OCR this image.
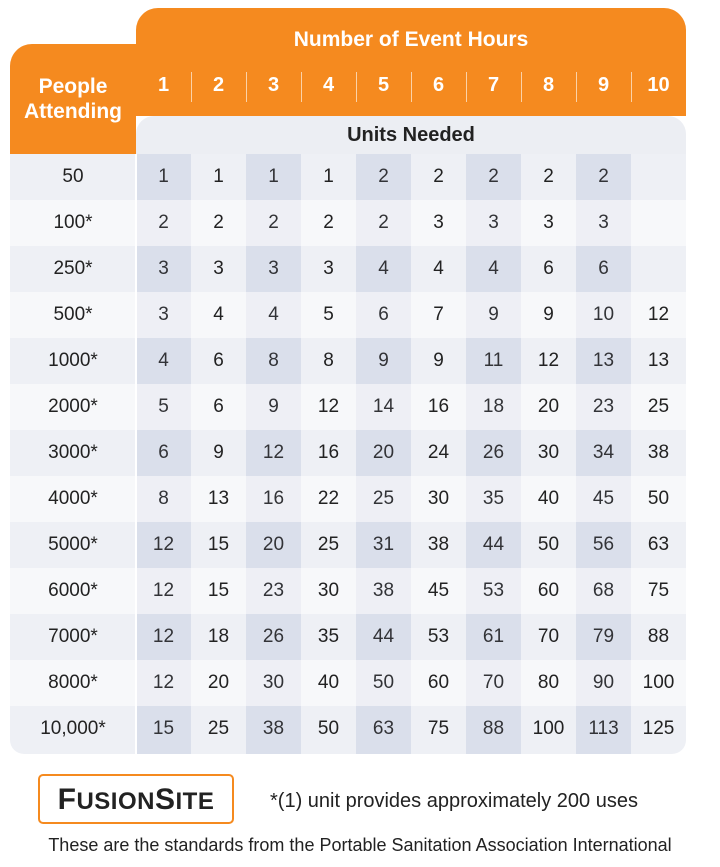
Number of Event Hours
People
Attending
1	2	3	4	5	6	7	8	9	10
Units Needed
50	1	1	1	1	2	2	2	2	2
100*	2	2	2	2	2	3	3	3	3
250*	3	3	3	3	4	4	4	6	6
500*	3	4	4	5	6	7	9	9	10	12
1000*	4	6	8	8	9	9	11	12	13	13
2000*	5	6	9	12	14	16	18	20	23	25
3000*	6	9	12	16	20	24	26	30	34	38
4000*	8	13	16	22	25	30	35	40	45	50
5000*	12	15	20	25	31	38	44	50	56	63
6000*	12	15	23	30	38	45	53	60	68	75
7000*	12	18	26	35	44	53	61	70	79	88
8000*	12	20	30	40	50	60	70	80	90	100
10,000*	15	25	38	50	63	75	88	100	113	125
FUSIONSITE	*(1) unit provides approximately 200 uses
These are the standards from the Portable Sanitation Association International
